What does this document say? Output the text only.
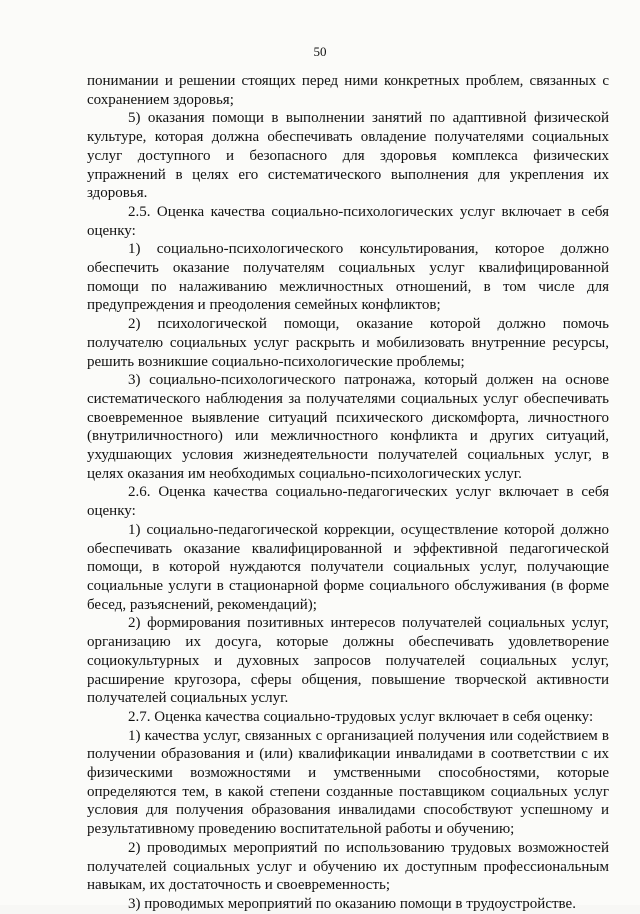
50

понимании и решении стоящих перед ними конкретных проблем, связанных с сохранением здоровья;

5) оказания помощи в выполнении занятий по адаптивной физической культуре, которая должна обеспечивать овладение получателями социальных услуг доступного и безопасного для здоровья комплекса физических упражнений в целях его систематического выполнения для укрепления их здоровья.

2.5. Оценка качества социально-психологических услуг включает в себя оценку:

1) социально-психологического консультирования, которое должно обеспечить оказание получателям социальных услуг квалифицированной помощи по налаживанию межличностных отношений, в том числе для предупреждения и преодоления семейных конфликтов;

2) психологической помощи, оказание которой должно помочь получателю социальных услуг раскрыть и мобилизовать внутренние ресурсы, решить возникшие социально-психологические проблемы;

3) социально-психологического патронажа, который должен на основе систематического наблюдения за получателями социальных услуг обеспечивать своевременное выявление ситуаций психического дискомфорта, личностного (внутриличностного) или межличностного конфликта и других ситуаций, ухудшающих условия жизнедеятельности получателей социальных услуг, в целях оказания им необходимых социально-психологических услуг.

2.6. Оценка качества социально-педагогических услуг включает в себя оценку:

1) социально-педагогической коррекции, осуществление которой должно обеспечивать оказание квалифицированной и эффективной педагогической помощи, в которой нуждаются получатели социальных услуг, получающие социальные услуги в стационарной форме социального обслуживания (в форме бесед, разъяснений, рекомендаций);

2) формирования позитивных интересов получателей социальных услуг, организацию их досуга, которые должны обеспечивать удовлетворение социокультурных и духовных запросов получателей социальных услуг, расширение кругозора, сферы общения, повышение творческой активности получателей социальных услуг.

2.7. Оценка качества социально-трудовых услуг включает в себя оценку:

1) качества услуг, связанных с организацией получения или содействием в получении образования и (или) квалификации инвалидами в соответствии с их физическими возможностями и умственными способностями, которые определяются тем, в какой степени созданные поставщиком социальных услуг условия для получения образования инвалидами способствуют успешному и результативному проведению воспитательной работы и обучению;

2) проводимых мероприятий по использованию трудовых возможностей получателей социальных услуг и обучению их доступным профессиональным навыкам, их достаточность и своевременность;

3) проводимых мероприятий по оказанию помощи в трудоустройстве.
